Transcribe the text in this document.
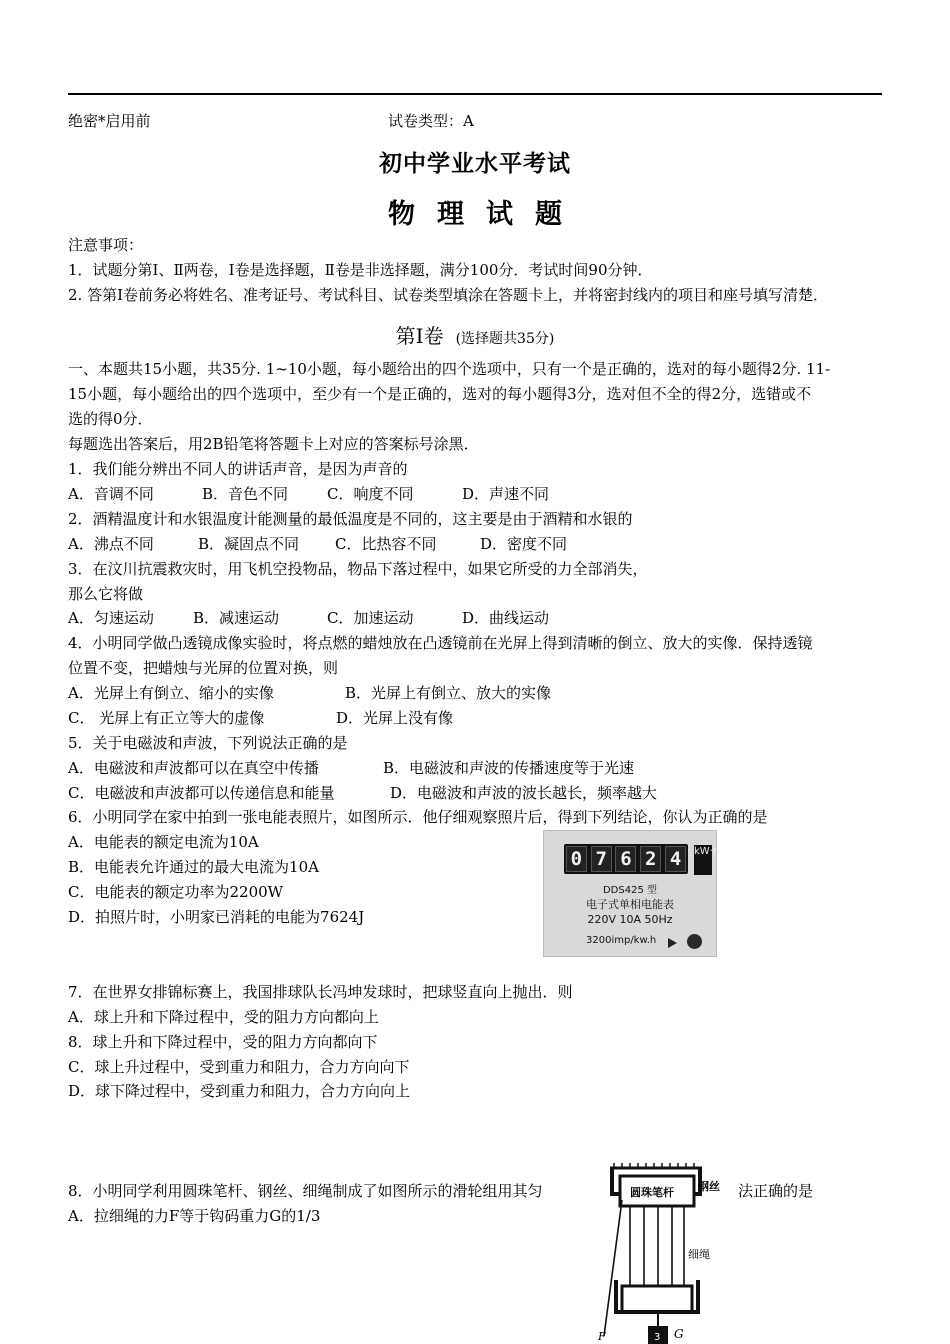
绝密*启用前	试卷类型：A
初中学业水平考试
物理试题
注意事项：
1．试题分第Ⅰ、Ⅱ两卷，Ⅰ卷是选择题，Ⅱ卷是非选择题，满分100分．考试时间90分钟．
2. 答第Ⅰ卷前务必将姓名、准考证号、考试科目、试卷类型填涂在答题卡上，并将密封线内的项目和座号填写清楚．
第Ⅰ卷 (选择题共35分)
一、本题共15小题，共35分. 1~10小题，每小题给出的四个选项中，只有一个是正确的，选对的每小题得2分. 11-
15小题，每小题给出的四个选项中，至少有一个是正确的，选对的每小题得3分，选对但不全的得2分，选错或不
选的得0分．
每题选出答案后，用2B铅笔将答题卡上对应的答案标号涂黑．
1．我们能分辨出不同人的讲话声音，是因为声音的
A．音调不同	B．音色不同	C．响度不同	D．声速不同
2．酒精温度计和水银温度计能测量的最低温度是不同的，这主要是由于酒精和水银的
A．沸点不同	B．凝固点不同 C．比热容不同	D．密度不同
3．在汶川抗震救灾时，用飞机空投物品，物品下落过程中，如果它所受的力全部消失，
那么它将做
A．匀速运动	B．减速运动	C．加速运动	D．曲线运动
4．小明同学做凸透镜成像实验时，将点燃的蜡烛放在凸透镜前在光屏上得到清晰的倒立、放大的实像．保持透镜
位置不变，把蜡烛与光屏的位置对换，则
A．光屏上有倒立、缩小的实像	B．光屏上有倒立、放大的实像
C． 光屏上有正立等大的虚像	D．光屏上没有像
5．关于电磁波和声波，下列说法正确的是
A．电磁波和声波都可以在真空中传播	B．电磁波和声波的传播速度等于光速
C．电磁波和声波都可以传递信息和能量	D．电磁波和声波的波长越长，频率越大
6．小明同学在家中拍到一张电能表照片，如图所示．他仔细观察照片后，得到下列结论，你认为正确的是
A．电能表的额定电流为10A
B．电能表允许通过的最大电流为10A
C．电能表的额定功率为2200W
D．拍照片时，小明家已消耗的电能为7624J
0 7 6 2 4	kW·h
DDS425 型
电子式单相电能表
220V 10A 50Hz
3200imp/kw.h
7．在世界女排锦标赛上，我国排球队长冯坤发球时，把球竖直向上抛出．则
A．球上升和下降过程中，受的阻力方向都向上
8．球上升和下降过程中，受的阻力方向都向下
C．球上升过程中，受到重力和阻力，合力方向向下
D．球下降过程中，受到重力和阻力，合力方向向上
8．小明同学利用圆珠笔杆、钢丝、细绳制成了如图所示的滑轮组用其匀	法正确的是
A．拉细绳的力F等于钩码重力G的1/3
圆珠笔杆 钢丝
细绳
F	3 G
